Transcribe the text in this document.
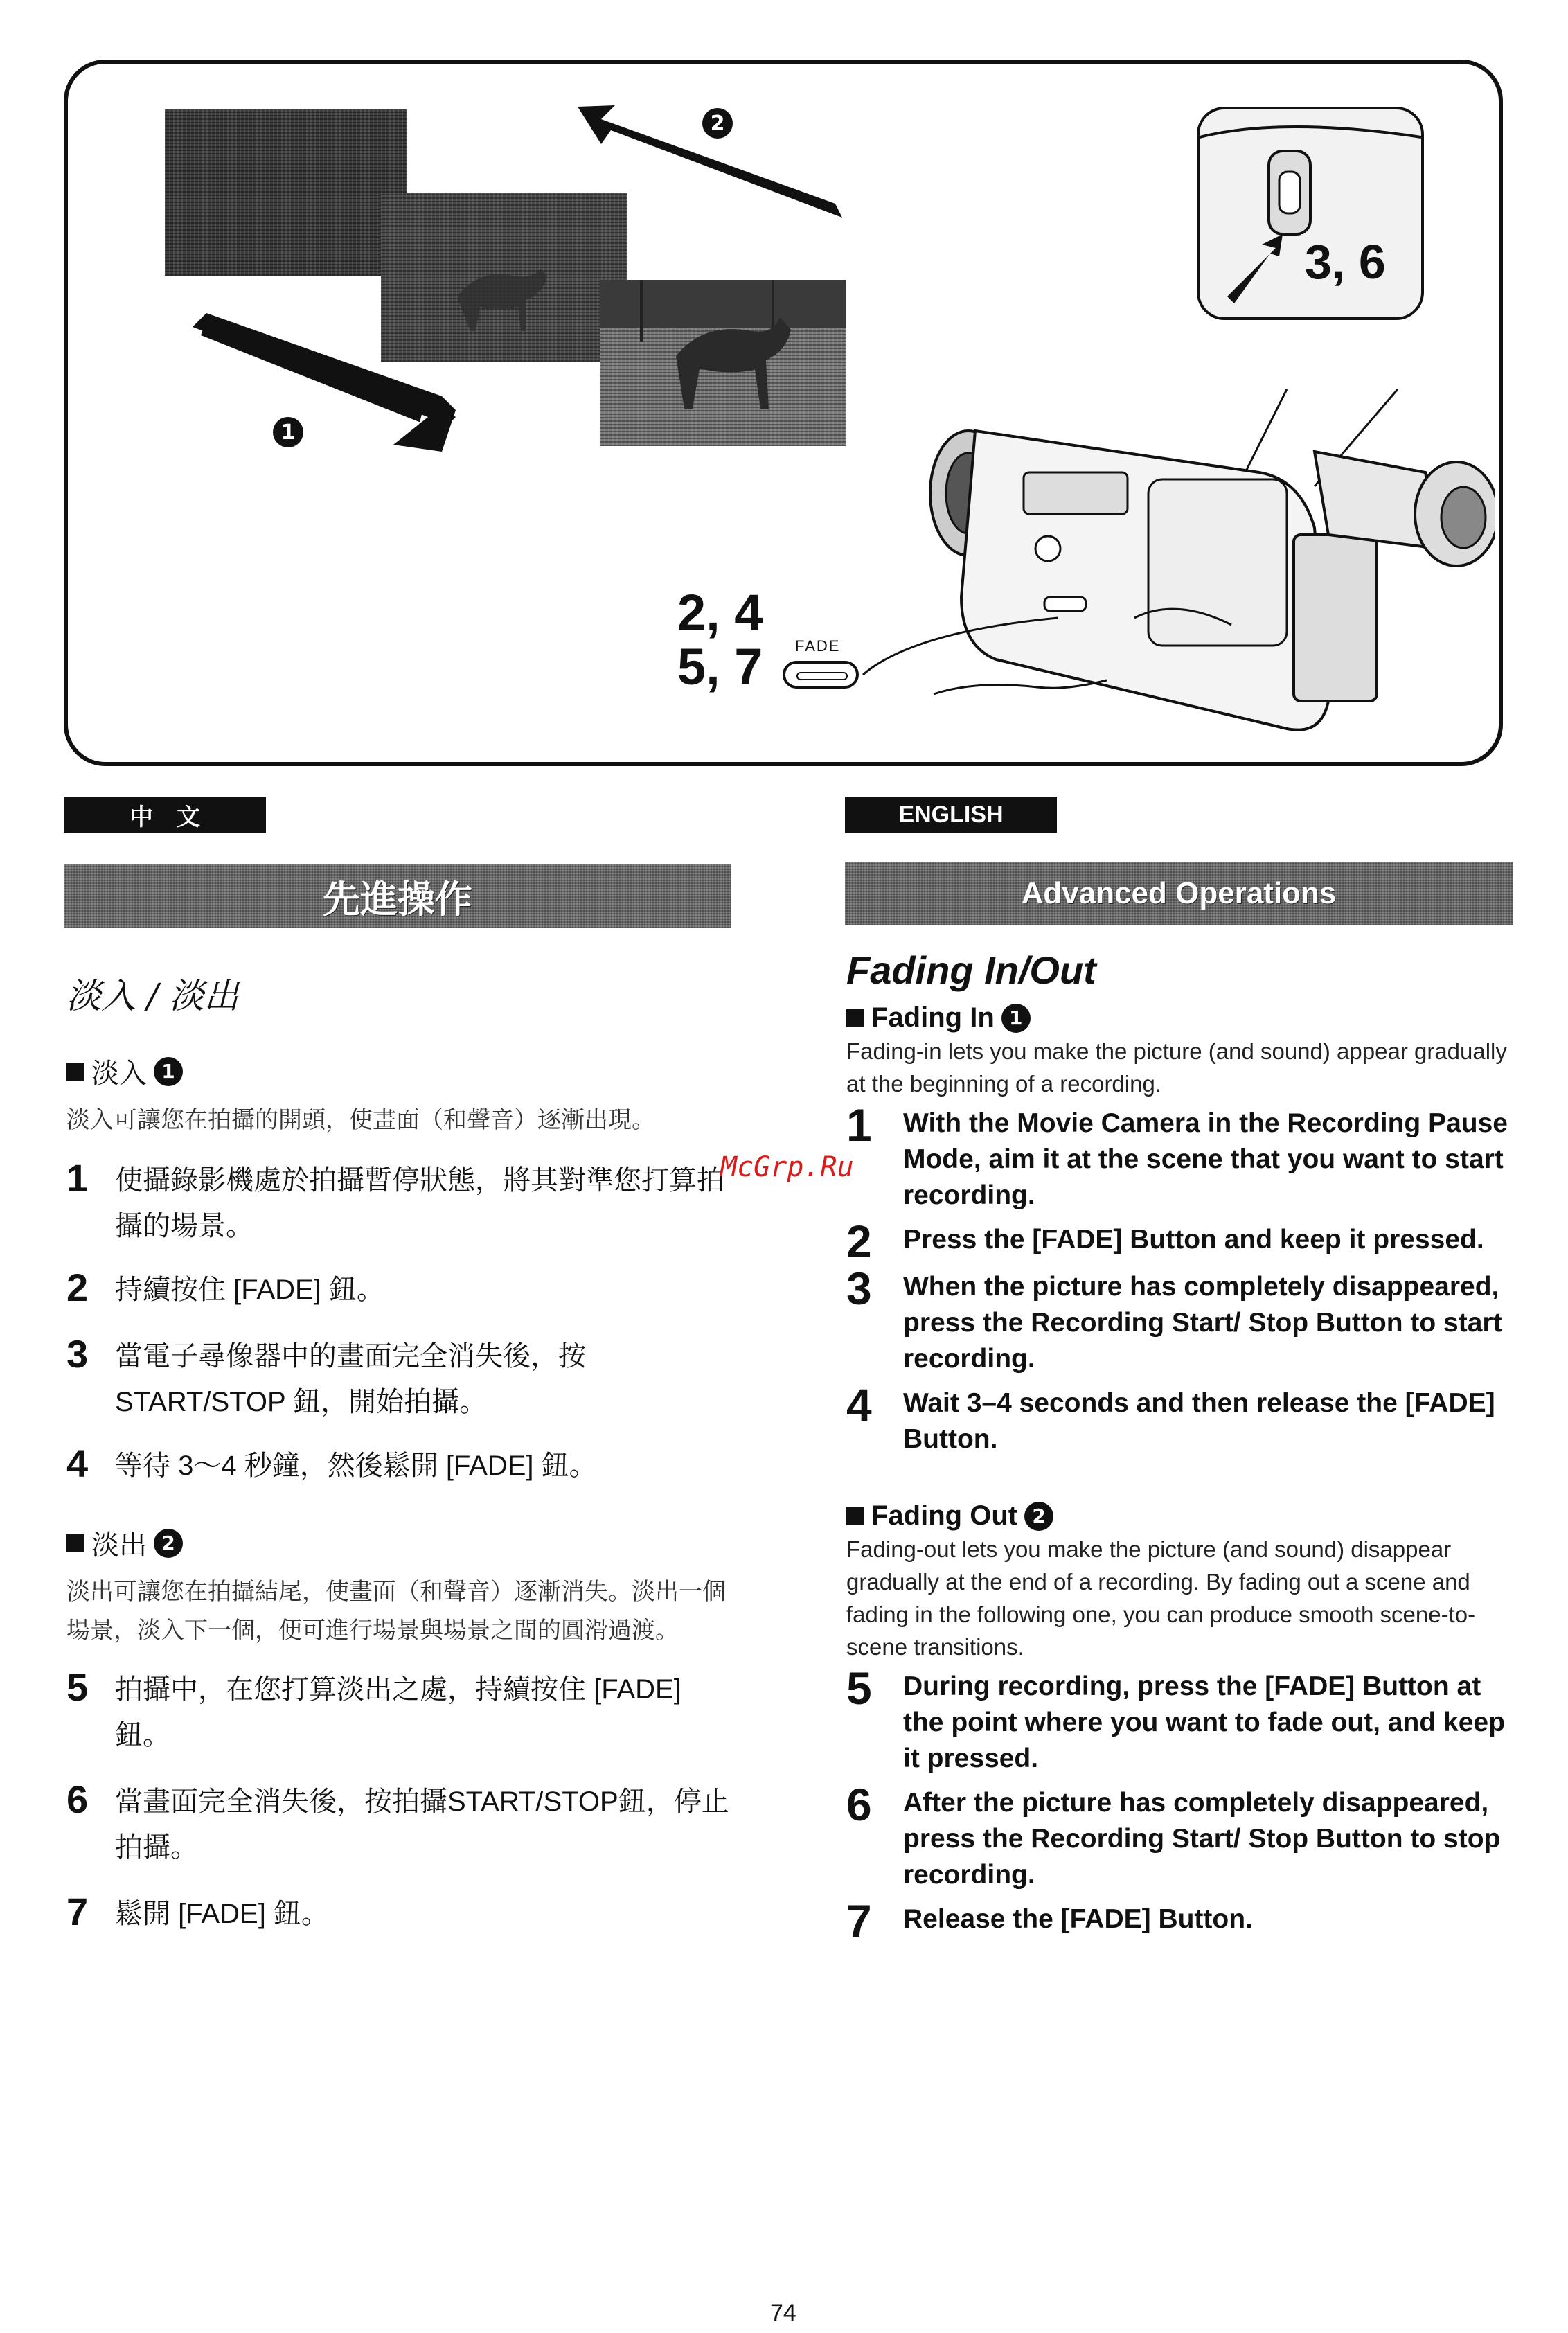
1
2
3, 6
2, 4
5, 7 FADE
中　文
先進操作

淡入 / 淡出

淡入 1

淡入可讓您在拍攝的開頭，使畫面（和聲音）逐漸出現。

1 使攝錄影機處於拍攝暫停狀態，將其對準您打算拍攝的場景。
2 持續按住 [FADE] 鈕。
3 當電子尋像器中的畫面完全消失後，按 START/STOP 鈕，開始拍攝。
4 等待 3～4 秒鐘，然後鬆開 [FADE] 鈕。
淡出 2

淡出可讓您在拍攝結尾，使畫面（和聲音）逐漸消失。淡出一個場景，淡入下一個，便可進行場景與場景之間的圓滑過渡。

5 拍攝中，在您打算淡出之處，持續按住 [FADE] 鈕。
6 當畫面完全消失後，按拍攝START/STOP鈕，停止拍攝。
7 鬆開 [FADE] 鈕。
ENGLISH
Advanced Operations

Fading In/Out

Fading In 1

Fading-in lets you make the picture (and sound) appear gradually at the beginning of a recording.

1	With the Movie Camera in the Recording Pause Mode, aim it at the scene that you want to start recording.
2	Press the [FADE] Button and keep it pressed.
3	When the picture has completely disappeared, press the Recording Start/ Stop Button to start recording.
4	Wait 3–4 seconds and then release the [FADE] Button.
Fading Out 2

Fading-out lets you make the picture (and sound) disappear gradually at the end of a recording. By fading out a scene and fading in the following one, you can produce smooth scene-to-scene transitions.

5	During recording, press the [FADE] Button at the point where you want to fade out, and keep it pressed.
6	After the picture has completely disappeared, press the Recording Start/ Stop Button to stop recording.
7	Release the [FADE] Button.
McGrp.Ru
74
